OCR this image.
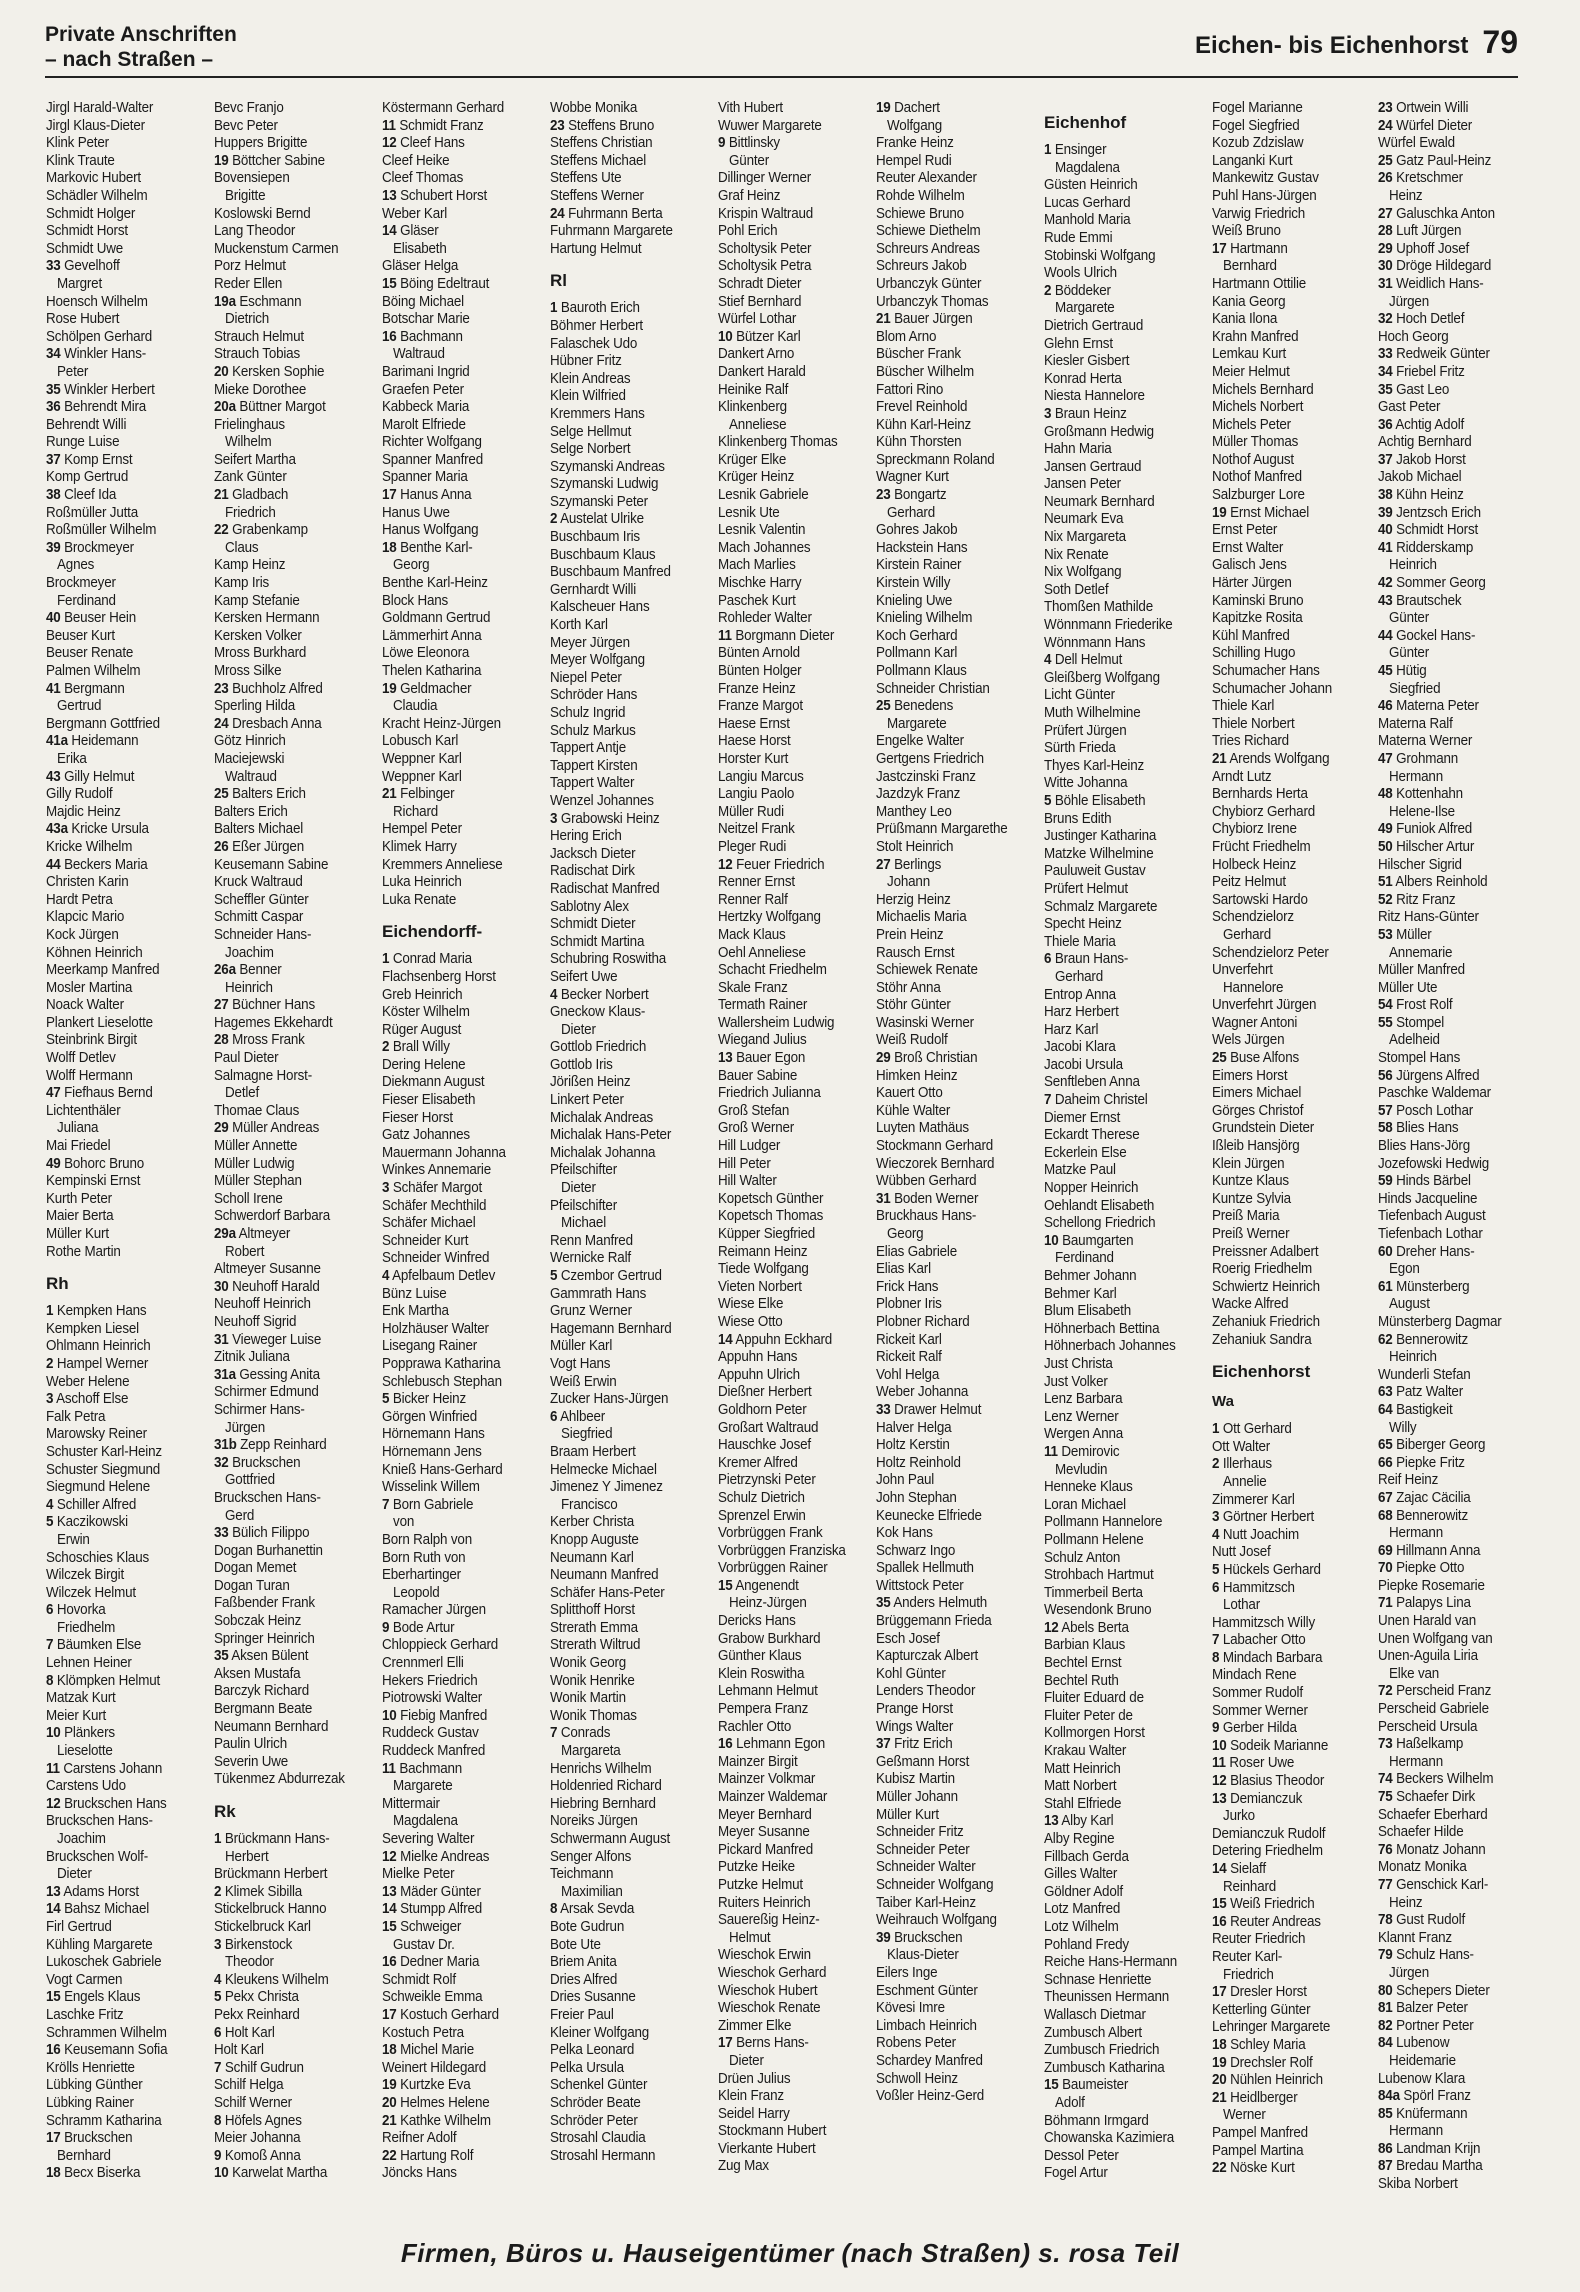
Private Anschriften
– nach Straßen –
Eichen- bis Eichenhorst 79
Jirgl Harald-Walter
Jirgl Klaus-Dieter
Klink Peter
Klink Traute
Markovic Hubert
Schädler Wilhelm
Schmidt Holger
Schmidt Horst
Schmidt Uwe
33 Gevelhoff
Margret
Hoensch Wilhelm
Rose Hubert
Schölpen Gerhard
34 Winkler Hans-
Peter
35 Winkler Herbert
36 Behrendt Mira
Behrendt Willi
Runge Luise
37 Komp Ernst
Komp Gertrud
38 Cleef Ida
Roßmüller Jutta
Roßmüller Wilhelm
39 Brockmeyer
Agnes
Brockmeyer
Ferdinand
40 Beuser Hein
Beuser Kurt
Beuser Renate
Palmen Wilhelm
41 Bergmann
Gertrud
Bergmann Gottfried
41a Heidemann
Erika
43 Gilly Helmut
Gilly Rudolf
Majdic Heinz
43a Kricke Ursula
Kricke Wilhelm
44 Beckers Maria
Christen Karin
Hardt Petra
Klapcic Mario
Kock Jürgen
Köhnen Heinrich
Meerkamp Manfred
Mosler Martina
Noack Walter
Plankert Lieselotte
Steinbrink Birgit
Wolff Detlev
Wolff Hermann
47 Fiefhaus Bernd
Lichtenthäler
Juliana
Mai Friedel
49 Bohorc Bruno
Kempinski Ernst
Kurth Peter
Maier Berta
Müller Kurt
Rothe Martin
Rh
1 Kempken Hans
Kempken Liesel
Ohlmann Heinrich
2 Hampel Werner
Weber Helene
3 Aschoff Else
Falk Petra
Marowsky Reiner
Schuster Karl-Heinz
Schuster Siegmund
Siegmund Helene
4 Schiller Alfred
5 Kaczikowski
Erwin
Schoschies Klaus
Wilczek Birgit
Wilczek Helmut
6 Hovorka
Friedhelm
7 Bäumken Else
Lehnen Heiner
8 Klömpken Helmut
Matzak Kurt
Meier Kurt
10 Plänkers
Lieselotte
11 Carstens Johann
Carstens Udo
12 Bruckschen Hans
Bruckschen Hans-
Joachim
Bruckschen Wolf-
Dieter
13 Adams Horst
14 Bahsz Michael
Firl Gertrud
Kühling Margarete
Lukoschek Gabriele
Vogt Carmen
15 Engels Klaus
Laschke Fritz
Schrammen Wilhelm
16 Keusemann Sofia
Krölls Henriette
Lübking Günther
Lübking Rainer
Schramm Katharina
17 Bruckschen
Bernhard
18 Becx Biserka
Bevc Franjo
Bevc Peter
Huppers Brigitte
19 Böttcher Sabine
Bovensiepen
Brigitte
Koslowski Bernd
Lang Theodor
Muckenstum Carmen
Porz Helmut
Reder Ellen
19a Eschmann
Dietrich
Strauch Helmut
Strauch Tobias
20 Kersken Sophie
Mieke Dorothee
20a Büttner Margot
Frielinghaus
Wilhelm
Seifert Martha
Zank Günter
21 Gladbach
Friedrich
22 Grabenkamp
Claus
Kamp Heinz
Kamp Iris
Kamp Stefanie
Kersken Hermann
Kersken Volker
Mross Burkhard
Mross Silke
23 Buchholz Alfred
Sperling Hilda
24 Dresbach Anna
Götz Hinrich
Maciejewski
Waltraud
25 Balters Erich
Balters Erich
Balters Michael
26 Eßer Jürgen
Keusemann Sabine
Kruck Waltraud
Scheffler Günter
Schmitt Caspar
Schneider Hans-
Joachim
26a Benner
Heinrich
27 Büchner Hans
Hagemes Ekkehardt
28 Mross Frank
Paul Dieter
Salmagne Horst-
Detlef
Thomae Claus
29 Müller Andreas
Müller Annette
Müller Ludwig
Müller Stephan
Scholl Irene
Schwerdorf Barbara
29a Altmeyer
Robert
Altmeyer Susanne
30 Neuhoff Harald
Neuhoff Heinrich
Neuhoff Sigrid
31 Vieweger Luise
Zitnik Juliana
31a Gessing Anita
Schirmer Edmund
Schirmer Hans-
Jürgen
31b Zepp Reinhard
32 Bruckschen
Gottfried
Bruckschen Hans-
Gerd
33 Bülich Filippo
Dogan Burhanettin
Dogan Memet
Dogan Turan
Faßbender Frank
Sobczak Heinz
Springer Heinrich
35 Aksen Bülent
Aksen Mustafa
Barczyk Richard
Bergmann Beate
Neumann Bernhard
Paulin Ulrich
Severin Uwe
Tükenmez Abdurrezak
Rk
1 Brückmann Hans-
Herbert
Brückmann Herbert
2 Klimek Sibilla
Stickelbruck Hanno
Stickelbruck Karl
3 Birkenstock
Theodor
4 Kleukens Wilhelm
5 Pekx Christa
Pekx Reinhard
6 Holt Karl
Holt Karl
7 Schilf Gudrun
Schilf Helga
Schilf Werner
8 Höfels Agnes
Meier Johanna
9 Komoß Anna
10 Karwelat Martha
Köstermann Gerhard
11 Schmidt Franz
12 Cleef Hans
Cleef Heike
Cleef Thomas
13 Schubert Horst
Weber Karl
14 Gläser
Elisabeth
Gläser Helga
15 Böing Edeltraut
Böing Michael
Botschar Marie
16 Bachmann
Waltraud
Barimani Ingrid
Graefen Peter
Kabbeck Maria
Marolt Elfriede
Richter Wolfgang
Spanner Manfred
Spanner Maria
17 Hanus Anna
Hanus Uwe
Hanus Wolfgang
18 Benthe Karl-
Georg
Benthe Karl-Heinz
Block Hans
Goldmann Gertrud
Lämmerhirt Anna
Löwe Eleonora
Thelen Katharina
19 Geldmacher
Claudia
Kracht Heinz-Jürgen
Lobusch Karl
Weppner Karl
Weppner Karl
21 Felbinger
Richard
Hempel Peter
Klimek Harry
Kremmers Anneliese
Luka Heinrich
Luka Renate
Eichendorff-
1 Conrad Maria
Flachsenberg Horst
Greb Heinrich
Köster Wilhelm
Rüger August
2 Brall Willy
Dering Helene
Diekmann August
Fieser Elisabeth
Fieser Horst
Gatz Johannes
Mauermann Johanna
Winkes Annemarie
3 Schäfer Margot
Schäfer Mechthild
Schäfer Michael
Schneider Kurt
Schneider Winfred
4 Apfelbaum Detlev
Bünz Luise
Enk Martha
Holzhäuser Walter
Lisegang Rainer
Popprawa Katharina
Schlebusch Stephan
5 Bicker Heinz
Görgen Winfried
Hörnemann Hans
Hörnemann Jens
Knieß Hans-Gerhard
Wisselink Willem
7 Born Gabriele
von
Born Ralph von
Born Ruth von
Eberhartinger
Leopold
Ramacher Jürgen
9 Bode Artur
Chloppieck Gerhard
Crennmerl Elli
Hekers Friedrich
Piotrowski Walter
10 Fiebig Manfred
Ruddeck Gustav
Ruddeck Manfred
11 Bachmann
Margarete
Mittermair
Magdalena
Severing Walter
12 Mielke Andreas
Mielke Peter
13 Mäder Günter
14 Stumpp Alfred
15 Schweiger
Gustav Dr.
16 Dedner Maria
Schmidt Rolf
Schweikle Emma
17 Kostuch Gerhard
Kostuch Petra
18 Michel Marie
Weinert Hildegard
19 Kurtzke Eva
20 Helmes Helene
21 Kathke Wilhelm
Reifner Adolf
22 Hartung Rolf
Jöncks Hans
Wobbe Monika
23 Steffens Bruno
Steffens Christian
Steffens Michael
Steffens Ute
Steffens Werner
24 Fuhrmann Berta
Fuhrmann Margarete
Hartung Helmut
Rl
1 Bauroth Erich
Böhmer Herbert
Falaschek Udo
Hübner Fritz
Klein Andreas
Klein Wilfried
Kremmers Hans
Selge Hellmut
Selge Norbert
Szymanski Andreas
Szymanski Ludwig
Szymanski Peter
2 Austelat Ulrike
Buschbaum Iris
Buschbaum Klaus
Buschbaum Manfred
Gernhardt Willi
Kalscheuer Hans
Korth Karl
Meyer Jürgen
Meyer Wolfgang
Niepel Peter
Schröder Hans
Schulz Ingrid
Schulz Markus
Tappert Antje
Tappert Kirsten
Tappert Walter
Wenzel Johannes
3 Grabowski Heinz
Hering Erich
Jacksch Dieter
Radischat Dirk
Radischat Manfred
Sablotny Alex
Schmidt Dieter
Schmidt Martina
Schubring Roswitha
Seifert Uwe
4 Becker Norbert
Gneckow Klaus-
Dieter
Gottlob Friedrich
Gottlob Iris
Jörißen Heinz
Linkert Peter
Michalak Andreas
Michalak Hans-Peter
Michalak Johanna
Pfeilschifter
Dieter
Pfeilschifter
Michael
Renn Manfred
Wernicke Ralf
5 Czembor Gertrud
Gammrath Hans
Grunz Werner
Hagemann Bernhard
Müller Karl
Vogt Hans
Weiß Erwin
Zucker Hans-Jürgen
6 Ahlbeer
Siegfried
Braam Herbert
Helmecke Michael
Jimenez Y Jimenez
Francisco
Kerber Christa
Knopp Auguste
Neumann Karl
Neumann Manfred
Schäfer Hans-Peter
Splitthoff Horst
Strerath Emma
Strerath Wiltrud
Wonik Georg
Wonik Henrike
Wonik Martin
Wonik Thomas
7 Conrads
Margareta
Henrichs Wilhelm
Holdenried Richard
Hiebring Bernhard
Noreiks Jürgen
Schwermann August
Senger Alfons
Teichmann
Maximilian
8 Arsak Sevda
Bote Gudrun
Bote Ute
Briem Anita
Dries Alfred
Dries Susanne
Freier Paul
Kleiner Wolfgang
Pelka Leonard
Pelka Ursula
Schenkel Günter
Schröder Beate
Schröder Peter
Strosahl Claudia
Strosahl Hermann
Vith Hubert
Wuwer Margarete
9 Bittlinsky
Günter
Dillinger Werner
Graf Heinz
Krispin Waltraud
Pohl Erich
Scholtysik Peter
Scholtysik Petra
Schradt Dieter
Stief Bernhard
Würfel Lothar
10 Bützer Karl
Dankert Arno
Dankert Harald
Heinike Ralf
Klinkenberg
Anneliese
Klinkenberg Thomas
Krüger Elke
Krüger Heinz
Lesnik Gabriele
Lesnik Ute
Lesnik Valentin
Mach Johannes
Mach Marlies
Mischke Harry
Paschek Kurt
Rohleder Walter
11 Borgmann Dieter
Bünten Arnold
Bünten Holger
Franze Heinz
Franze Margot
Haese Ernst
Haese Horst
Horster Kurt
Langiu Marcus
Langiu Paolo
Müller Rudi
Neitzel Frank
Pleger Rudi
12 Feuer Friedrich
Renner Ernst
Renner Ralf
Hertzky Wolfgang
Mack Klaus
Oehl Anneliese
Schacht Friedhelm
Skale Franz
Termath Rainer
Wallersheim Ludwig
Wiegand Julius
13 Bauer Egon
Bauer Sabine
Friedrich Julianna
Groß Stefan
Groß Werner
Hill Ludger
Hill Peter
Hill Walter
Kopetsch Günther
Kopetsch Thomas
Küpper Siegfried
Reimann Heinz
Tiede Wolfgang
Vieten Norbert
Wiese Elke
Wiese Otto
14 Appuhn Eckhard
Appuhn Hans
Appuhn Ulrich
Dießner Herbert
Goldhorn Peter
Großart Waltraud
Hauschke Josef
Kremer Alfred
Pietrzynski Peter
Schulz Dietrich
Sprenzel Erwin
Vorbrüggen Frank
Vorbrüggen Franziska
Vorbrüggen Rainer
15 Angenendt
Heinz-Jürgen
Dericks Hans
Grabow Burkhard
Günther Klaus
Klein Roswitha
Lehmann Helmut
Pempera Franz
Rachler Otto
16 Lehmann Egon
Mainzer Birgit
Mainzer Volkmar
Mainzer Waldemar
Meyer Bernhard
Meyer Susanne
Pickard Manfred
Putzke Heike
Putzke Helmut
Ruiters Heinrich
Sauereßig Heinz-
Helmut
Wieschok Erwin
Wieschok Gerhard
Wieschok Hubert
Wieschok Renate
Zimmer Elke
17 Berns Hans-
Dieter
Drüen Julius
Klein Franz
Seidel Harry
Stockmann Hubert
Vierkante Hubert
Zug Max
19 Dachert
Wolfgang
Franke Heinz
Hempel Rudi
Reuter Alexander
Rohde Wilhelm
Schiewe Bruno
Schiewe Diethelm
Schreurs Andreas
Schreurs Jakob
Urbanczyk Günter
Urbanczyk Thomas
21 Bauer Jürgen
Blom Arno
Büscher Frank
Büscher Wilhelm
Fattori Rino
Frevel Reinhold
Kühn Karl-Heinz
Kühn Thorsten
Spreckmann Roland
Wagner Kurt
23 Bongartz
Gerhard
Gohres Jakob
Hackstein Hans
Kirstein Rainer
Kirstein Willy
Knieling Uwe
Knieling Wilhelm
Koch Gerhard
Pollmann Karl
Pollmann Klaus
Schneider Christian
25 Benedens
Margarete
Engelke Walter
Gertgens Friedrich
Jastczinski Franz
Jazdzyk Franz
Manthey Leo
Prüßmann Margarethe
Stolt Heinrich
27 Berlings
Johann
Herzig Heinz
Michaelis Maria
Prein Heinz
Rausch Ernst
Schiewek Renate
Stöhr Anna
Stöhr Günter
Wasinski Werner
Weiß Rudolf
29 Broß Christian
Himken Heinz
Kauert Otto
Kühle Walter
Luyten Mathäus
Stockmann Gerhard
Wieczorek Bernhard
Wübben Gerhard
31 Boden Werner
Bruckhaus Hans-
Georg
Elias Gabriele
Elias Karl
Frick Hans
Plobner Iris
Plobner Richard
Rickeit Karl
Rickeit Ralf
Vohl Helga
Weber Johanna
33 Drawer Helmut
Halver Helga
Holtz Kerstin
Holtz Reinhold
John Paul
John Stephan
Keunecke Elfriede
Kok Hans
Schwarz Ingo
Spallek Hellmuth
Wittstock Peter
35 Anders Helmuth
Brüggemann Frieda
Esch Josef
Kapturczak Albert
Kohl Günter
Lenders Theodor
Prange Horst
Wings Walter
37 Fritz Erich
Geßmann Horst
Kubisz Martin
Müller Johann
Müller Kurt
Schneider Fritz
Schneider Peter
Schneider Walter
Schneider Wolfgang
Taiber Karl-Heinz
Weihrauch Wolfgang
39 Bruckschen
Klaus-Dieter
Eilers Inge
Eschment Günter
Kövesi Imre
Limbach Heinrich
Robens Peter
Schardey Manfred
Schwoll Heinz
Voßler Heinz-Gerd
Eichenhof
1 Ensinger
Magdalena
Güsten Heinrich
Lucas Gerhard
Manhold Maria
Rude Emmi
Stobinski Wolfgang
Wools Ulrich
2 Böddeker
Margarete
Dietrich Gertraud
Glehn Ernst
Kiesler Gisbert
Konrad Herta
Niesta Hannelore
3 Braun Heinz
Großmann Hedwig
Hahn Maria
Jansen Gertraud
Jansen Peter
Neumark Bernhard
Neumark Eva
Nix Margareta
Nix Renate
Nix Wolfgang
Soth Detlef
Thomßen Mathilde
Wönnmann Friederike
Wönnmann Hans
4 Dell Helmut
Gleißberg Wolfgang
Licht Günter
Muth Wilhelmine
Prüfert Jürgen
Sürth Frieda
Thyes Karl-Heinz
Witte Johanna
5 Böhle Elisabeth
Bruns Edith
Justinger Katharina
Matzke Wilhelmine
Pauluweit Gustav
Prüfert Helmut
Schmalz Margarete
Specht Heinz
Thiele Maria
6 Braun Hans-
Gerhard
Entrop Anna
Harz Herbert
Harz Karl
Jacobi Klara
Jacobi Ursula
Senftleben Anna
7 Daheim Christel
Diemer Ernst
Eckardt Therese
Eckerlein Else
Matzke Paul
Nopper Heinrich
Oehlandt Elisabeth
Schellong Friedrich
10 Baumgarten
Ferdinand
Behmer Johann
Behmer Karl
Blum Elisabeth
Höhnerbach Bettina
Höhnerbach Johannes
Just Christa
Just Volker
Lenz Barbara
Lenz Werner
Wergen Anna
11 Demirovic
Mevludin
Henneke Klaus
Loran Michael
Pollmann Hannelore
Pollmann Helene
Schulz Anton
Strohbach Hartmut
Timmerbeil Berta
Wesendonk Bruno
12 Abels Berta
Barbian Klaus
Bechtel Ernst
Bechtel Ruth
Fluiter Eduard de
Fluiter Peter de
Kollmorgen Horst
Krakau Walter
Matt Heinrich
Matt Norbert
Stahl Elfriede
13 Alby Karl
Alby Regine
Fillbach Gerda
Gilles Walter
Göldner Adolf
Lotz Manfred
Lotz Wilhelm
Pohland Fredy
Reiche Hans-Hermann
Schnase Henriette
Theunissen Hermann
Wallasch Dietmar
Zumbusch Albert
Zumbusch Friedrich
Zumbusch Katharina
15 Baumeister
Adolf
Böhmann Irmgard
Chowanska Kazimiera
Dessol Peter
Fogel Artur
Fogel Marianne
Fogel Siegfried
Kozub Zdzislaw
Langanki Kurt
Mankewitz Gustav
Puhl Hans-Jürgen
Varwig Friedrich
Weiß Bruno
17 Hartmann
Bernhard
Hartmann Ottilie
Kania Georg
Kania Ilona
Krahn Manfred
Lemkau Kurt
Meier Helmut
Michels Bernhard
Michels Norbert
Michels Peter
Müller Thomas
Nothof August
Nothof Manfred
Salzburger Lore
19 Ernst Michael
Ernst Peter
Ernst Walter
Galisch Jens
Härter Jürgen
Kaminski Bruno
Kapitzke Rosita
Kühl Manfred
Schilling Hugo
Schumacher Hans
Schumacher Johann
Thiele Karl
Thiele Norbert
Tries Richard
21 Arends Wolfgang
Arndt Lutz
Bernhards Herta
Chybiorz Gerhard
Chybiorz Irene
Frücht Friedhelm
Holbeck Heinz
Peitz Helmut
Sartowski Hardo
Schendzielorz
Gerhard
Schendzielorz Peter
Unverfehrt
Hannelore
Unverfehrt Jürgen
Wagner Antoni
Wels Jürgen
25 Buse Alfons
Eimers Horst
Eimers Michael
Görges Christof
Grundstein Dieter
Ißleib Hansjörg
Klein Jürgen
Kuntze Klaus
Kuntze Sylvia
Preiß Maria
Preiß Werner
Preissner Adalbert
Roerig Friedhelm
Schwiertz Heinrich
Wacke Alfred
Zehaniuk Friedrich
Zehaniuk Sandra
Eichenhorst
Wa
1 Ott Gerhard
Ott Walter
2 Illerhaus
Annelie
Zimmerer Karl
3 Görtner Herbert
4 Nutt Joachim
Nutt Josef
5 Hückels Gerhard
6 Hammitzsch
Lothar
Hammitzsch Willy
7 Labacher Otto
8 Mindach Barbara
Mindach Rene
Sommer Rudolf
Sommer Werner
9 Gerber Hilda
10 Sodeik Marianne
11 Roser Uwe
12 Blasius Theodor
13 Demianczuk
Jurko
Demianczuk Rudolf
Detering Friedhelm
14 Sielaff
Reinhard
15 Weiß Friedrich
16 Reuter Andreas
Reuter Friedrich
Reuter Karl-
Friedrich
17 Dresler Horst
Ketterling Günter
Lehringer Margarete
18 Schley Maria
19 Drechsler Rolf
20 Nühlen Heinrich
21 Heidlberger
Werner
Pampel Manfred
Pampel Martina
22 Nöske Kurt
23 Ortwein Willi
24 Würfel Dieter
Würfel Ewald
25 Gatz Paul-Heinz
26 Kretschmer
Heinz
27 Galuschka Anton
28 Luft Jürgen
29 Uphoff Josef
30 Dröge Hildegard
31 Weidlich Hans-
Jürgen
32 Hoch Detlef
Hoch Georg
33 Redweik Günter
34 Friebel Fritz
35 Gast Leo
Gast Peter
36 Achtig Adolf
Achtig Bernhard
37 Jakob Horst
Jakob Michael
38 Kühn Heinz
39 Jentzsch Erich
40 Schmidt Horst
41 Ridderskamp
Heinrich
42 Sommer Georg
43 Brautschek
Günter
44 Gockel Hans-
Günter
45 Hütig
Siegfried
46 Materna Peter
Materna Ralf
Materna Werner
47 Grohmann
Hermann
48 Kottenhahn
Helene-Ilse
49 Funiok Alfred
50 Hilscher Artur
Hilscher Sigrid
51 Albers Reinhold
52 Ritz Franz
Ritz Hans-Günter
53 Müller
Annemarie
Müller Manfred
Müller Ute
54 Frost Rolf
55 Stompel
Adelheid
Stompel Hans
56 Jürgens Alfred
Paschke Waldemar
57 Posch Lothar
58 Blies Hans
Blies Hans-Jörg
Jozefowski Hedwig
59 Hinds Bärbel
Hinds Jacqueline
Tiefenbach August
Tiefenbach Lothar
60 Dreher Hans-
Egon
61 Münsterberg
August
Münsterberg Dagmar
62 Bennerowitz
Heinrich
Wunderli Stefan
63 Patz Walter
64 Bastigkeit
Willy
65 Biberger Georg
66 Piepke Fritz
Reif Heinz
67 Zajac Cäcilia
68 Bennerowitz
Hermann
69 Hillmann Anna
70 Piepke Otto
Piepke Rosemarie
71 Palapys Lina
Unen Harald van
Unen Wolfgang van
Unen-Aguila Liria
Elke van
72 Perscheid Franz
Perscheid Gabriele
Perscheid Ursula
73 Haßelkamp
Hermann
74 Beckers Wilhelm
75 Schaefer Dirk
Schaefer Eberhard
Schaefer Hilde
76 Monatz Johann
Monatz Monika
77 Genschick Karl-
Heinz
78 Gust Rudolf
Klannt Franz
79 Schulz Hans-
Jürgen
80 Schepers Dieter
81 Balzer Peter
82 Portner Peter
84 Lubenow
Heidemarie
Lubenow Klara
84a Spörl Franz
85 Knüfermann
Hermann
86 Landman Krijn
87 Bredau Martha
Skiba Norbert
Firmen, Büros u. Hauseigentümer (nach Straßen) s. rosa Teil
